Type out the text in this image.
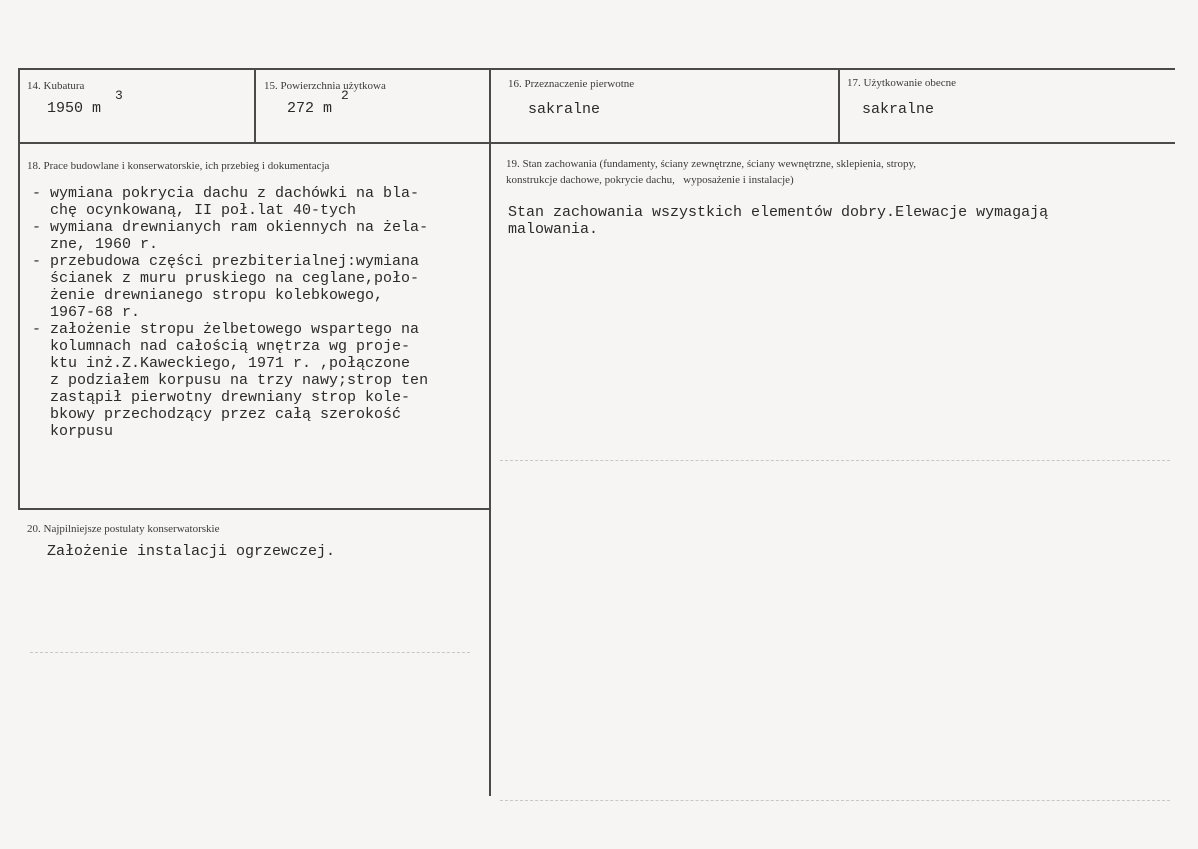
14. Kubatura
1950 m
3
15. Powierzchnia użytkowa
272 m
2
16. Przeznaczenie pierwotne
sakralne
17. Użytkowanie obecne
sakralne
18. Prace budowlane i konserwatorskie, ich przebieg i dokumentacja
- wymiana pokrycia dachu z dachówki na bla-
chę ocynkowaną, II poł.lat 40-tych
- wymiana drewnianych ram okiennych na żela-
zne, 1960 r.
- przebudowa części prezbiterialnej:wymiana
ścianek z muru pruskiego na ceglane,poło-
żenie drewnianego stropu kolebkowego,
1967-68 r.
- założenie stropu żelbetowego wspartego na
kolumnach nad całością wnętrza wg proje-
ktu inż.Z.Kaweckiego, 1971 r. ,połączone
z podziałem korpusu na trzy nawy;strop ten
zastąpił pierwotny drewniany strop kole-
bkowy przechodzący przez całą szerokość
korpusu
19. Stan zachowania (fundamenty, ściany zewnętrzne, ściany wewnętrzne, sklepienia, stropy,
konstrukcje dachowe, pokrycie dachu,   wyposażenie i instalacje)
Stan zachowania wszystkich elementów dobry.Elewacje wymagają
malowania.
20. Najpilniejsze postulaty konserwatorskie
Założenie instalacji ogrzewczej.
